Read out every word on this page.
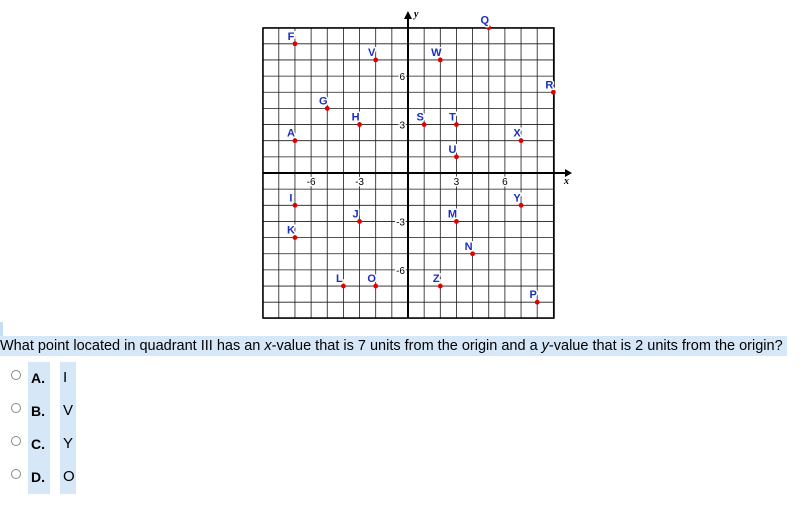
x
y
-6	-3	3	6
6
3
-3
-6
F
V	W
Q
R
G
H	S T
A	X
U
I	Y
J	M
K
N
L O	Z
P
What point located in quadrant III has an x-value that is 7 units from the origin and a y-value that is 2 units from the origin?
A.	I
B.	V
C.	Y
D.	O
